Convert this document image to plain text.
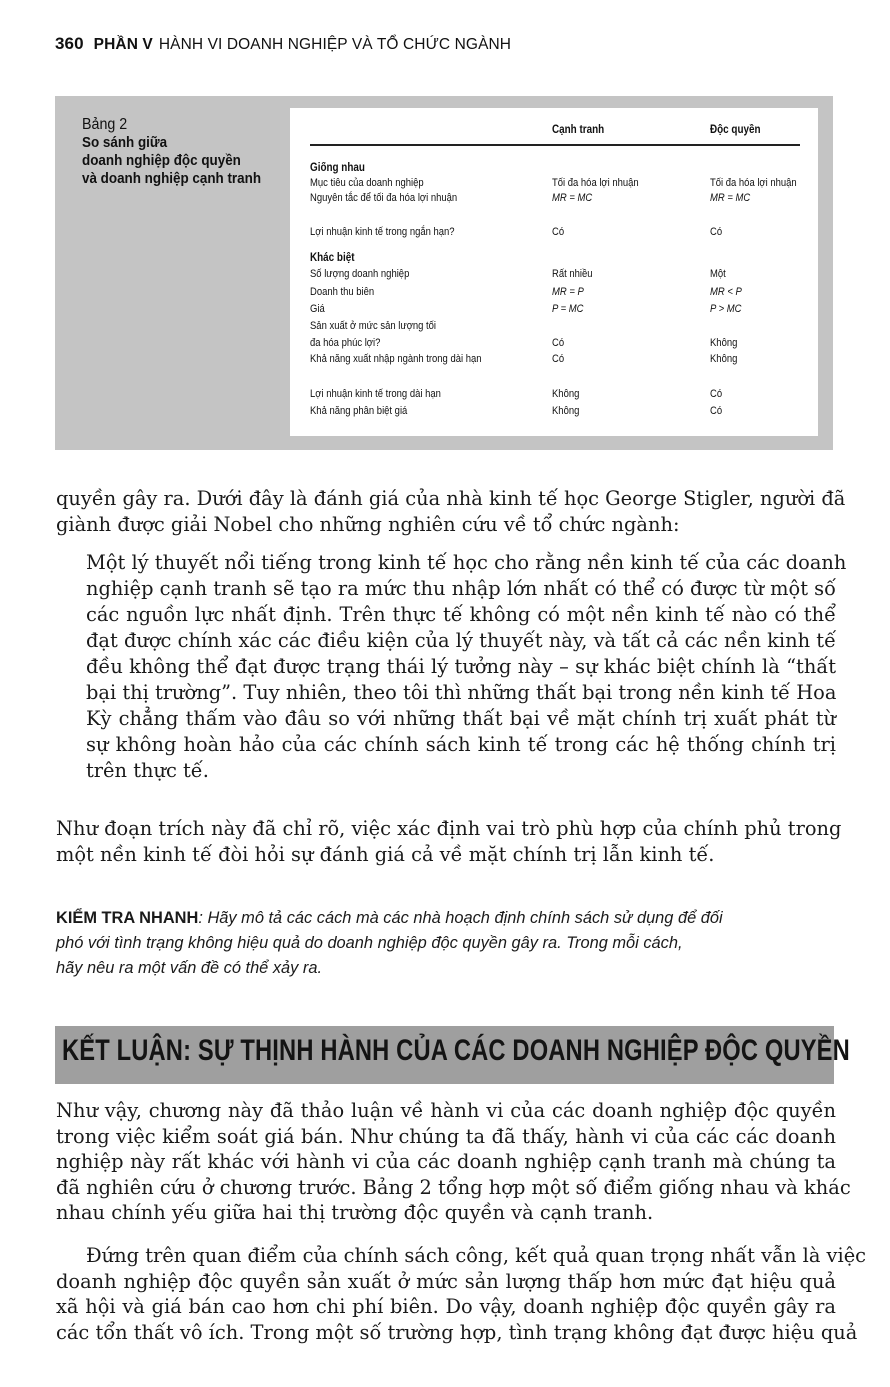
360 PHẦN V HÀNH VI DOANH NGHIỆP VÀ TỔ CHỨC NGÀNH
Bảng 2
So sánh giữa
doanh nghiệp độc quyền
và doanh nghiệp cạnh tranh
Cạnh tranh	Độc quyền
Giống nhau
Mục tiêu của doanh nghiệp	Tối đa hóa lợi nhuận	Tối đa hóa lợi nhuận
Nguyên tắc để tối đa hóa lợi nhuận	MR = MC	MR = MC
Lợi nhuận kinh tế trong ngắn hạn?	Có	Có
Khác biệt
Số lượng doanh nghiệp	Rất nhiều	Một
Doanh thu biên	MR = P	MR < P
Giá	P = MC	P > MC
Sản xuất ở mức sản lượng tối
đa hóa phúc lợi?	Có	Không
Khả năng xuất nhập ngành trong dài hạn	Có	Không
Lợi nhuận kinh tế trong dài hạn	Không	Có
Khả năng phân biệt giá	Không	Có

quyền gây ra. Dưới đây là đánh giá của nhà kinh tế học George Stigler, người đã
giành được giải Nobel cho những nghiên cứu về tổ chức ngành:

Một lý thuyết nổi tiếng trong kinh tế học cho rằng nền kinh tế của các doanh
nghiệp cạnh tranh sẽ tạo ra mức thu nhập lớn nhất có thể có được từ một số
các nguồn lực nhất định. Trên thực tế không có một nền kinh tế nào có thể
đạt được chính xác các điều kiện của lý thuyết này, và tất cả các nền kinh tế
đều không thể đạt được trạng thái lý tưởng này – sự khác biệt chính là “thất
bại thị trường”. Tuy nhiên, theo tôi thì những thất bại trong nền kinh tế Hoa
Kỳ chẳng thấm vào đâu so với những thất bại về mặt chính trị xuất phát từ
sự không hoàn hảo của các chính sách kinh tế trong các hệ thống chính trị
trên thực tế.

Như đoạn trích này đã chỉ rõ, việc xác định vai trò phù hợp của chính phủ trong
một nền kinh tế đòi hỏi sự đánh giá cả về mặt chính trị lẫn kinh tế.

KIỂM TRA NHANH: Hãy mô tả các cách mà các nhà hoạch định chính sách sử dụng để đối
phó với tình trạng không hiệu quả do doanh nghiệp độc quyền gây ra. Trong mỗi cách,
hãy nêu ra một vấn đề có thể xảy ra.
KẾT LUẬN: SỰ THỊNH HÀNH CỦA CÁC DOANH NGHIỆP ĐỘC QUYỀN

Như vậy, chương này đã thảo luận về hành vi của các doanh nghiệp độc quyền
trong việc kiểm soát giá bán. Như chúng ta đã thấy, hành vi của các các doanh
nghiệp này rất khác với hành vi của các doanh nghiệp cạnh tranh mà chúng ta
đã nghiên cứu ở chương trước. Bảng 2 tổng hợp một số điểm giống nhau và khác
nhau chính yếu giữa hai thị trường độc quyền và cạnh tranh.

Đứng trên quan điểm của chính sách công, kết quả quan trọng nhất vẫn là việc
doanh nghiệp độc quyền sản xuất ở mức sản lượng thấp hơn mức đạt hiệu quả
xã hội và giá bán cao hơn chi phí biên. Do vậy, doanh nghiệp độc quyền gây ra
các tổn thất vô ích. Trong một số trường hợp, tình trạng không đạt được hiệu quả
